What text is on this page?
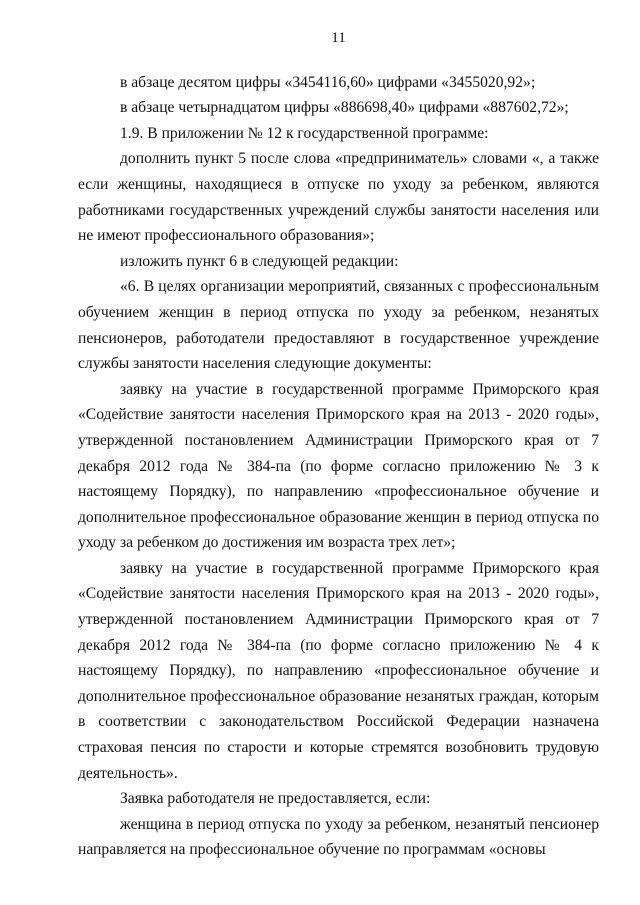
11

в абзаце десятом цифры «3454116,60» цифрами «3455020,92»;

в абзаце четырнадцатом цифры «886698,40» цифрами «887602,72»;

1.9. В приложении № 12 к государственной программе:

дополнить пункт 5 после слова «предприниматель» словами «, а также если женщины, находящиеся в отпуске по уходу за ребенком, являются работниками государственных учреждений службы занятости населения или не имеют профессионального образования»;

изложить пункт 6 в следующей редакции:

«6. В целях организации мероприятий, связанных с профессиональным обучением женщин в период отпуска по уходу за ребенком, незанятых пенсионеров, работодатели предоставляют в государственное учреждение службы занятости населения следующие документы:

заявку на участие в государственной программе Приморского края «Содействие занятости населения Приморского края на 2013 - 2020 годы», утвержденной постановлением Администрации Приморского края от 7 декабря 2012 года № 384-па (по форме согласно приложению № 3 к настоящему Порядку), по направлению «профессиональное обучение и дополнительное профессиональное образование женщин в период отпуска по уходу за ребенком до достижения им возраста трех лет»;

заявку на участие в государственной программе Приморского края «Содействие занятости населения Приморского края на 2013 - 2020 годы», утвержденной постановлением Администрации Приморского края от 7 декабря 2012 года № 384-па (по форме согласно приложению № 4 к настоящему Порядку), по направлению «профессиональное обучение и дополнительное профессиональное образование незанятых граждан, которым в соответствии с законодательством Российской Федерации назначена страховая пенсия по старости и которые стремятся возобновить трудовую деятельность».

Заявка работодателя не предоставляется, если:

женщина в период отпуска по уходу за ребенком, незанятый пенсионер направляется на профессиональное обучение по программам «основы
